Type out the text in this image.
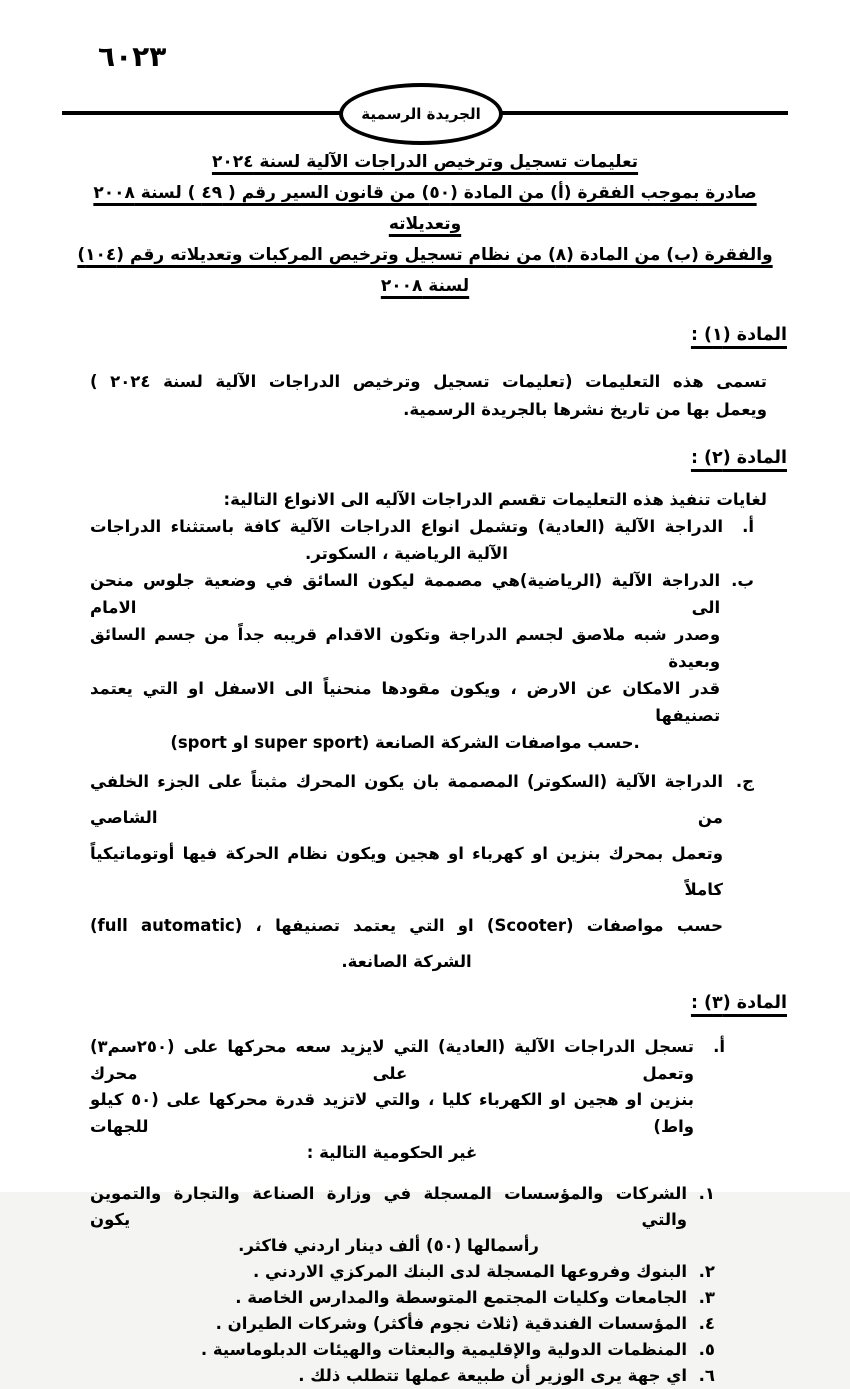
٦٠٢٣
الجريدة الرسمية
تعليمات تسجيل وترخيص الدراجات الآلية لسنة ٢٠٢٤
صادرة بموجب الفقرة (أ) من المادة (٥٠) من قانون السير رقم ( ٤٩ ) لسنة ٢٠٠٨ وتعديلاته
والفقرة (ب) من المادة (٨) من نظام تسجيل وترخيص المركبات وتعديلاته رقم (١٠٤) لسنة ٢٠٠٨
المادة (١) :
تسمى هذه التعليمات (تعليمات تسجيل وترخيص الدراجات الآلية لسنة ٢٠٢٤ )
ويعمل بها من تاريخ نشرها بالجريدة الرسمية.
المادة (٢) :
لغايات تنفيذ هذه التعليمات تقسم الدراجات الآليه الى الانواع التالية:
أ.
الدراجة الآلية (العادية) وتشمل انواع الدراجات الآلية كافة باستثناء الدراجات
الآلية الرياضية ، السكوتر.
ب.
الدراجة الآلية (الرياضية)هي مصممة ليكون السائق في وضعية جلوس منحن الى الامام
وصدر شبه ملاصق لجسم الدراجة وتكون الاقدام قريبه جداً من جسم السائق وبعيدة
قدر الامكان عن الارض ، ويكون مقودها منحنياً الى الاسفل او التي يعتمد تصنيفها
(sport او super sport) حسب مواصفات الشركة الصانعة.
ج.
الدراجة الآلية (السكوتر) المصممة بان يكون المحرك مثبتاً على الجزء الخلفي من الشاصي
وتعمل بمحرك بنزين او كهرباء او هجين ويكون نظام الحركة فيها أوتوماتيكياً كاملاً
(full automatic) ، او التي يعتمد تصنيفها (Scooter) حسب مواصفات
الشركة الصانعة.
المادة (٣) :
أ.
تسجل الدراجات الآلية (العادية) التي لايزيد سعه محركها على (٢٥٠سم٣) وتعمل على محرك
بنزين او هجين او الكهرباء كليا ، والتي لاتزيد قدرة محركها على (٥٠ كيلو واط) للجهات
غير الحكومية التالية :
١.
الشركات والمؤسسات المسجلة في وزارة الصناعة والتجارة والتموين والتي يكون
رأسمالها (٥٠) ألف دينار اردني فاكثر.
٢.
البنوك وفروعها المسجلة لدى البنك المركزي الاردني .
٣.
الجامعات وكليات المجتمع المتوسطة والمدارس الخاصة .
٤.
المؤسسات الفندقية (ثلاث نجوم فأكثر) وشركات الطيران .
٥.
المنظمات الدولية والإقليمية والبعثات والهيئات الدبلوماسية .
٦.
اي جهة يرى الوزير أن طبيعة عملها تتطلب ذلك .
